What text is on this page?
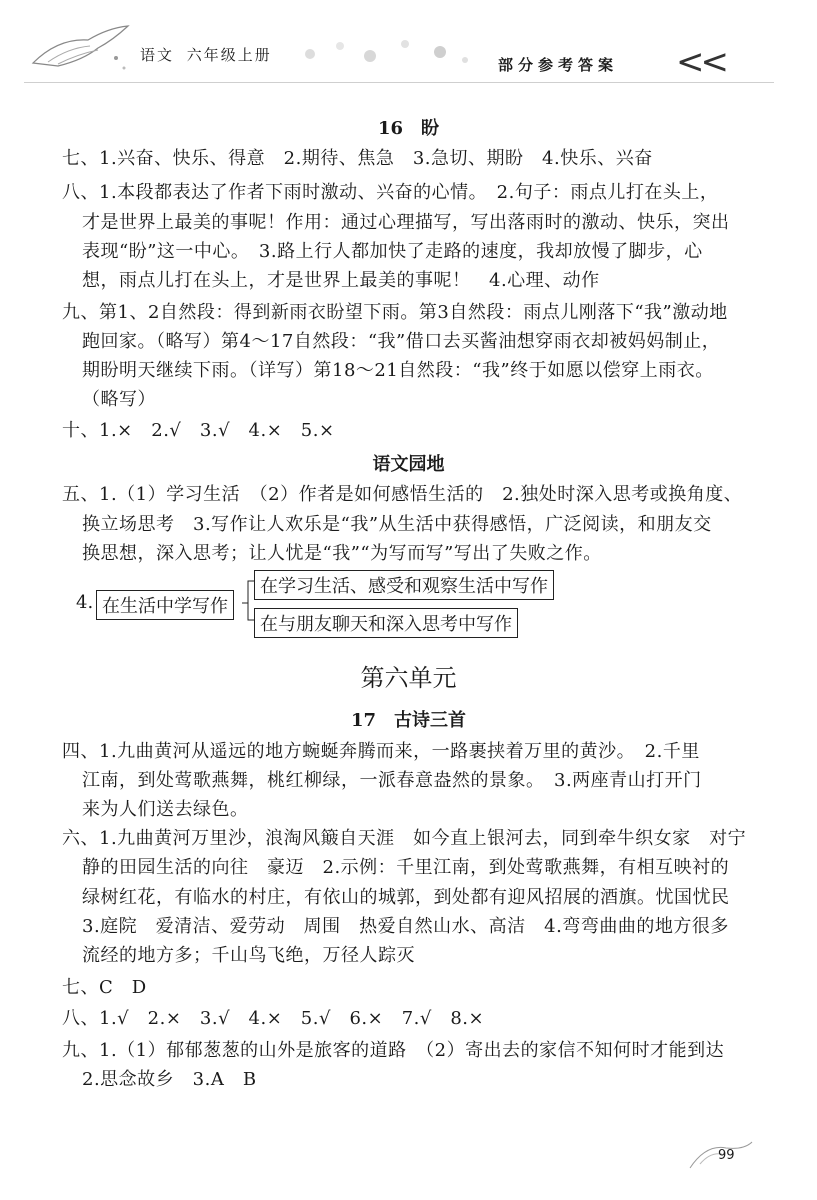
语文 六年级上册
部分参考答案 <<
16　盼
七、1.兴奋、快乐、得意　2.期待、焦急　3.急切、期盼　4.快乐、兴奋
八、1.本段都表达了作者下雨时激动、兴奋的心情。　2.句子：雨点儿打在头上，
才是世界上最美的事呢！作用：通过心理描写，写出落雨时的激动、快乐，突出
表现“盼”这一中心。　3.路上行人都加快了走路的速度，我却放慢了脚步，心
想，雨点儿打在头上，才是世界上最美的事呢！　4.心理、动作
九、第1、2自然段：得到新雨衣盼望下雨。第3自然段：雨点儿刚落下“我”激动地
跑回家。（略写）第4～17自然段：“我”借口去买酱油想穿雨衣却被妈妈制止，
期盼明天继续下雨。（详写）第18～21自然段：“我”终于如愿以偿穿上雨衣。
（略写）
十、1.×　2.√　3.√　4.×　5.×
语文园地
五、1.（1）学习生活　（2）作者是如何感悟生活的　2.独处时深入思考或换角度、
换立场思考　3.写作让人欢乐是“我”从生活中获得感悟，广泛阅读，和朋友交
换思想，深入思考；让人忧是“我”“为写而写”写出了失败之作。
4. 在生活中学写作
在学习生活、感受和观察生活中写作
在与朋友聊天和深入思考中写作
第六单元
17　古诗三首
四、1.九曲黄河从遥远的地方蜿蜒奔腾而来，一路裹挟着万里的黄沙。　2.千里
江南，到处莺歌燕舞，桃红柳绿，一派春意盎然的景象。　3.两座青山打开门
来为人们送去绿色。
六、1.九曲黄河万里沙，浪淘风簸自天涯　如今直上银河去，同到牵牛织女家　对宁
静的田园生活的向往　豪迈　2.示例：千里江南，到处莺歌燕舞，有相互映衬的
绿树红花，有临水的村庄，有依山的城郭，到处都有迎风招展的酒旗。忧国忧民
3.庭院　爱清洁、爱劳动　周围　热爱自然山水、高洁　4.弯弯曲曲的地方很多
流经的地方多；千山鸟飞绝，万径人踪灭
七、C　D
八、1.√　2.×　3.√　4.×　5.√　6.×　7.√　8.×
九、1.（1）郁郁葱葱的山外是旅客的道路　（2）寄出去的家信不知何时才能到达
2.思念故乡　3.A　B
99
